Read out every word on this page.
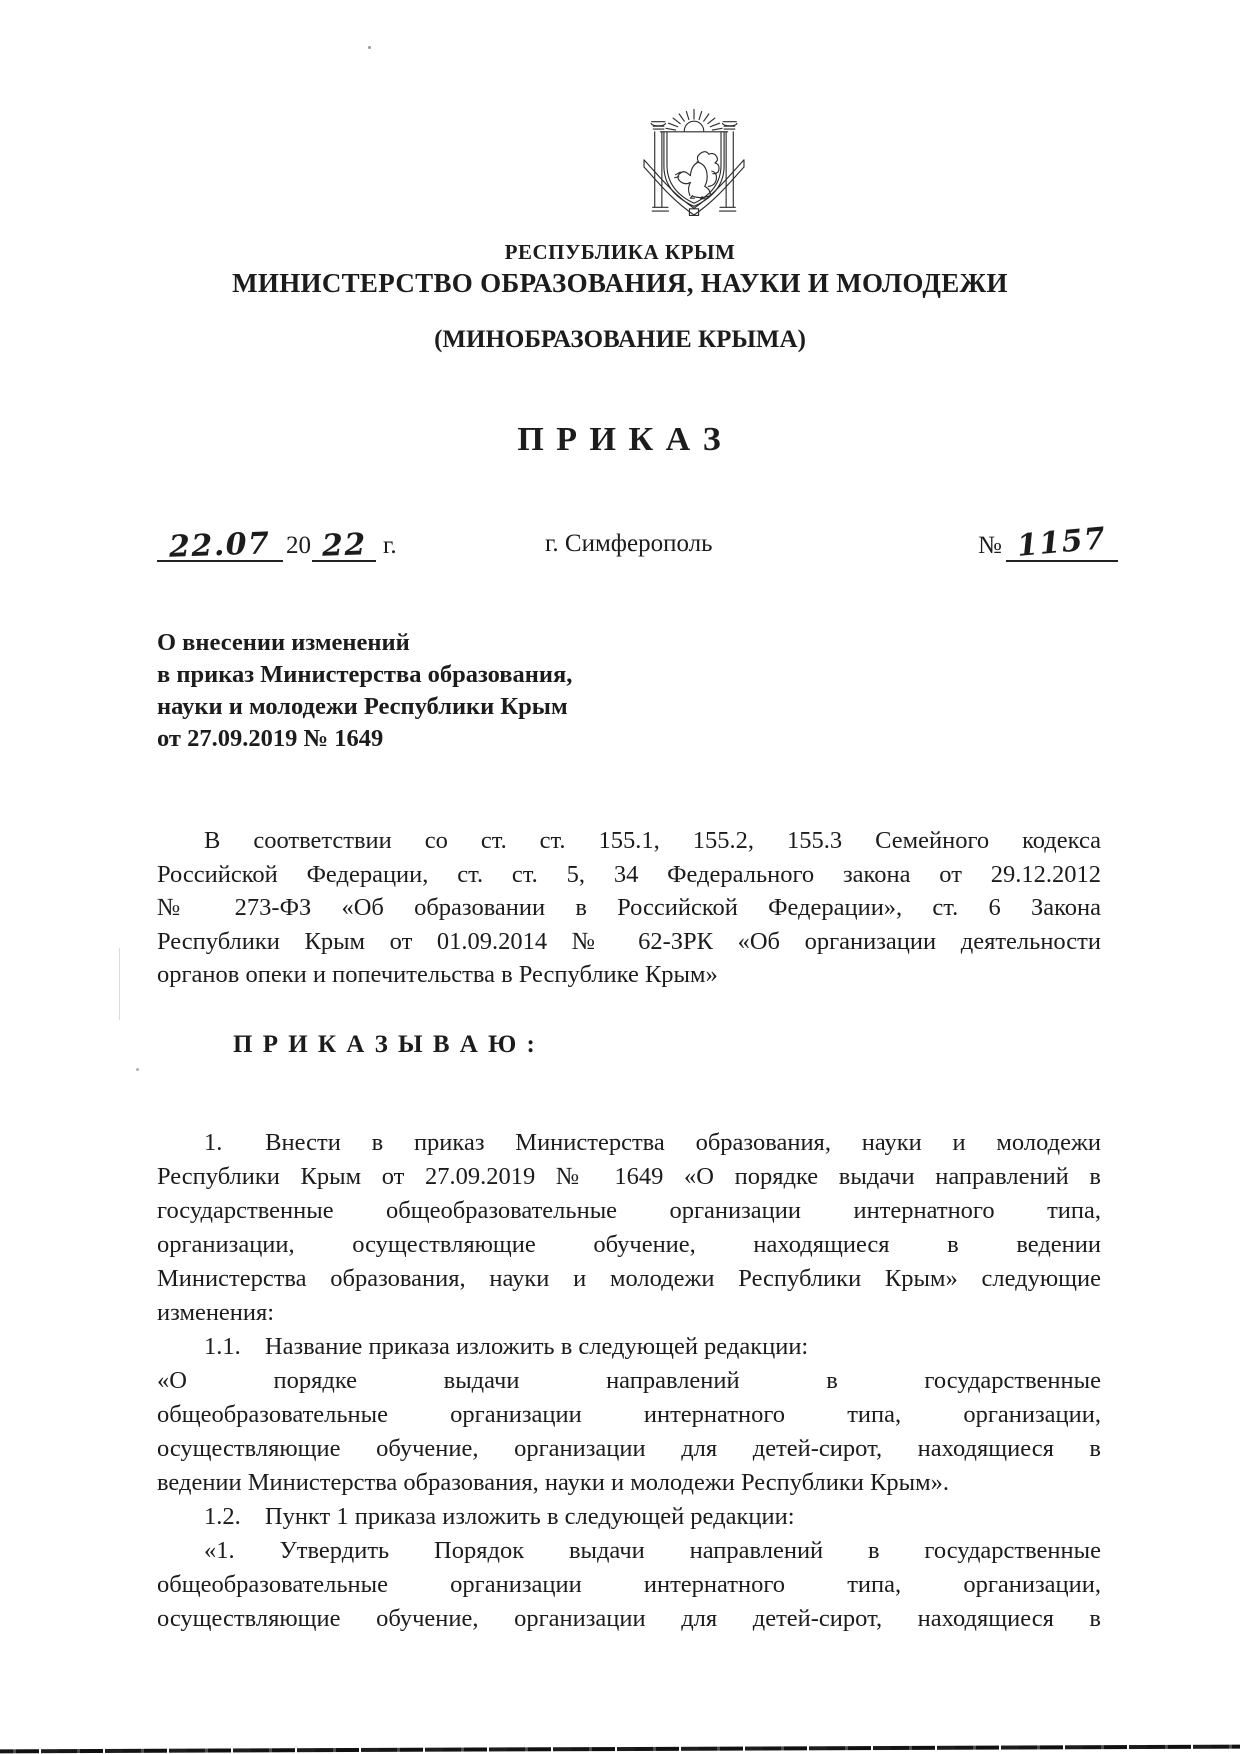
РЕСПУБЛИКА КРЫМ
МИНИСТЕРСТВО ОБРАЗОВАНИЯ, НАУКИ И МОЛОДЕЖИ
(МИНОБРАЗОВАНИЕ КРЫМА)
П Р И К А З
22.07 20 22 г.	г. Симферополь	№ 1157
О внесении изменений
в приказ Министерства образования,
науки и молодежи Республики Крым
от 27.09.2019 № 1649
В соответствии со ст. ст. 155.1, 155.2, 155.3 Семейного кодекса
Российской Федерации, ст. ст. 5, 34 Федерального закона от 29.12.2012
№ 273-ФЗ «Об образовании в Российской Федерации», ст. 6 Закона
Республики Крым от 01.09.2014 № 62-ЗРК «Об организации деятельности
органов опеки и попечительства в Республике Крым»
П Р И К А З Ы В А Ю :
1. Внести в приказ Министерства образования, науки и молодежи
Республики Крым от 27.09.2019 № 1649 «О порядке выдачи направлений в
государственные общеобразовательные организации интернатного типа,
организации, осуществляющие обучение, находящиеся в ведении
Министерства образования, науки и молодежи Республики Крым» следующие
изменения:
1.1. Название приказа изложить в следующей редакции:
«О порядке выдачи направлений в государственные
общеобразовательные организации интернатного типа, организации,
осуществляющие обучение, организации для детей-сирот, находящиеся в
ведении Министерства образования, науки и молодежи Республики Крым».
1.2. Пункт 1 приказа изложить в следующей редакции:
«1. Утвердить Порядок выдачи направлений в государственные
общеобразовательные организации интернатного типа, организации,
осуществляющие обучение, организации для детей-сирот, находящиеся в
